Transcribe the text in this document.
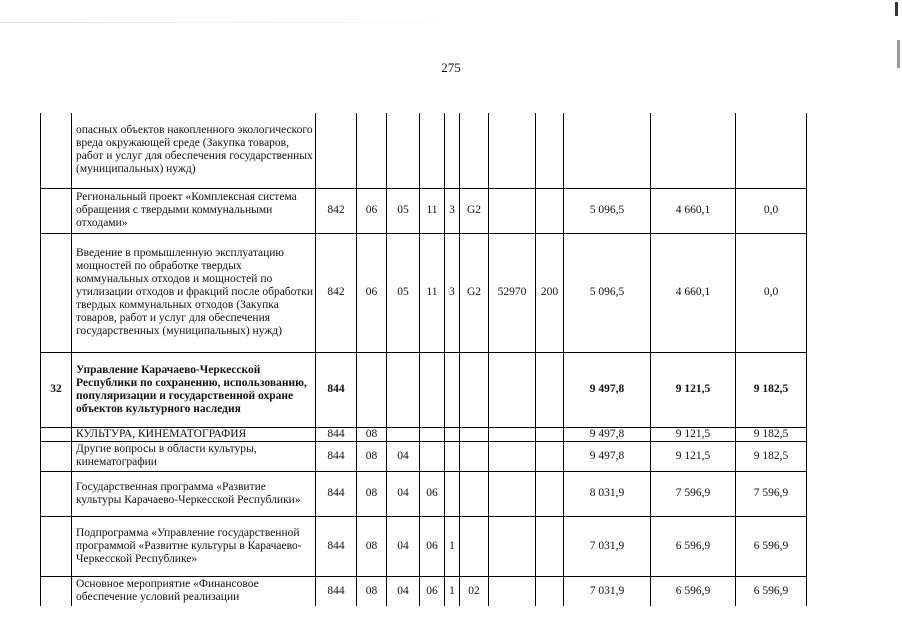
275
	опасных объектов накопленного экологического вреда окружающей среде (Закупка товаров, работ и услуг для обеспечения государственных (муниципальных) нужд)											
	Региональный проект «Комплексная система обращения с твердыми коммунальными отходами»	842	06	05	11	3	G2			5 096,5	4 660,1	0,0
	Введение в промышленную эксплуатацию мощностей по обработке твердых коммунальных отходов и мощностей по утилизации отходов и фракций после обработки твердых коммунальных отходов (Закупка товаров, работ и услуг для обеспечения государственных (муниципальных) нужд)	842	06	05	11	3	G2	52970	200	5 096,5	4 660,1	0,0
32	Управление Карачаево-Черкесской Республики по сохранению, использованию, популяризации и государственной охране объектов культурного наследия	844								9 497,8	9 121,5	9 182,5
	КУЛЬТУРА, КИНЕМАТОГРАФИЯ	844	08							9 497,8	9 121,5	9 182,5
	Другие вопросы в области культуры, кинематографии	844	08	04						9 497,8	9 121,5	9 182,5
	Государственная программа «Развитие культуры Карачаево-Черкесской Республики»	844	08	04	06					8 031,9	7 596,9	7 596,9
	Подпрограмма «Управление государственной программой «Развитие культуры в Карачаево-Черкесской Республике»	844	08	04	06	1				7 031,9	6 596,9	6 596,9
	Основное мероприятие «Финансовое обеспечение условий реализации	844	08	04	06	1	02			7 031,9	6 596,9	6 596,9
